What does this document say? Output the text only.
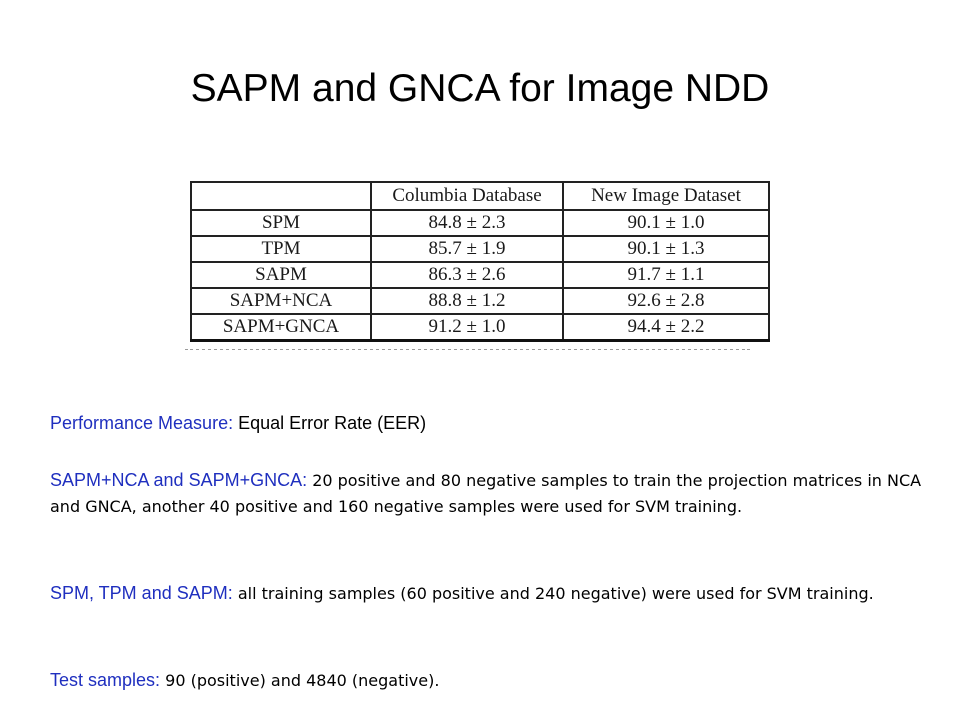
SAPM and GNCA for Image NDD
	Columbia Database	New Image Dataset
SPM	84.8 ± 2.3	90.1 ± 1.0
TPM	85.7 ± 1.9	90.1 ± 1.3
SAPM	86.3 ± 2.6	91.7 ± 1.1
SAPM+NCA	88.8 ± 1.2	92.6 ± 2.8
SAPM+GNCA	91.2 ± 1.0	94.4 ± 2.2
Performance Measure: Equal Error Rate (EER)
SAPM+NCA and SAPM+GNCA: 20 positive and 80 negative samples to train the projection matrices in NCA and GNCA, another 40 positive and 160 negative samples were used for SVM training.
SPM, TPM and SAPM: all training samples (60 positive and 240 negative) were used for SVM training.
Test samples: 90 (positive) and 4840 (negative).
